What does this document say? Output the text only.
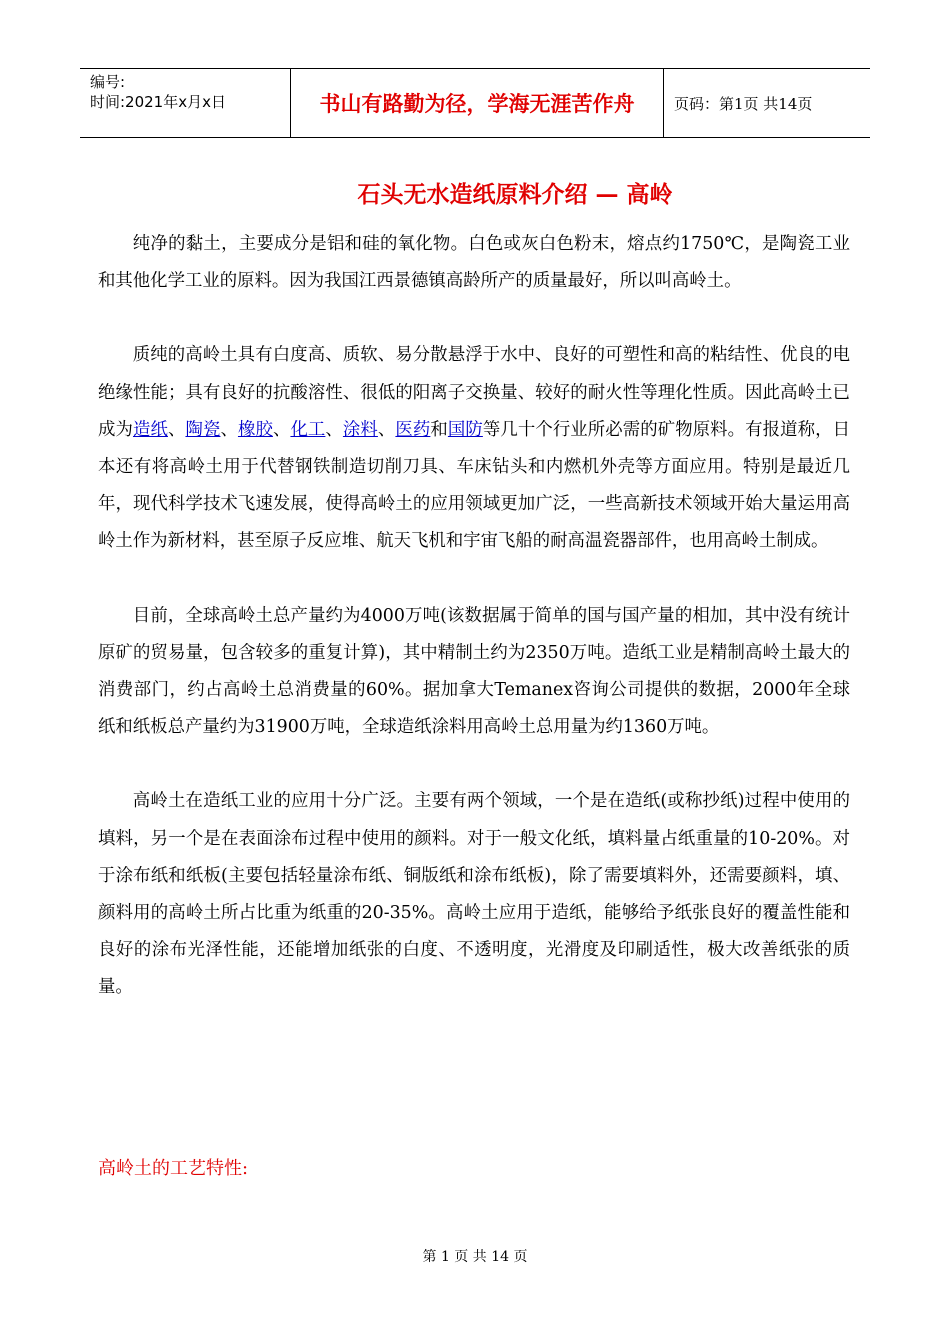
编号:
时间:2021年x月x日	书山有路勤为径，学海无涯苦作舟	页码：第1页 共14页
石头无水造纸原料介绍 — 高岭

纯净的黏土，主要成分是铝和硅的氧化物。白色或灰白色粉末，熔点约1750℃，是陶瓷工业和其他化学工业的原料。因为我国江西景德镇高龄所产的质量最好，所以叫高岭土。

质纯的高岭土具有白度高、质软、易分散悬浮于水中、良好的可塑性和高的粘结性、优良的电绝缘性能；具有良好的抗酸溶性、很低的阳离子交换量、较好的耐火性等理化性质。因此高岭土已成为造纸、陶瓷、橡胶、化工、涂料、医药和国防等几十个行业所必需的矿物原料。有报道称，日本还有将高岭土用于代替钢铁制造切削刀具、车床钻头和内燃机外壳等方面应用。特别是最近几年，现代科学技术飞速发展，使得高岭土的应用领域更加广泛，一些高新技术领域开始大量运用高岭土作为新材料，甚至原子反应堆、航天飞机和宇宙飞船的耐高温瓷器部件，也用高岭土制成。

目前，全球高岭土总产量约为4000万吨(该数据属于简单的国与国产量的相加，其中没有统计原矿的贸易量，包含较多的重复计算)，其中精制土约为2350万吨。造纸工业是精制高岭土最大的消费部门，约占高岭土总消费量的60%。据加拿大Temanex咨询公司提供的数据，2000年全球纸和纸板总产量约为31900万吨，全球造纸涂料用高岭土总用量为约1360万吨。

高岭土在造纸工业的应用十分广泛。主要有两个领域，一个是在造纸(或称抄纸)过程中使用的填料，另一个是在表面涂布过程中使用的颜料。对于一般文化纸，填料量占纸重量的10-20%。对于涂布纸和纸板(主要包括轻量涂布纸、铜版纸和涂布纸板)，除了需要填料外，还需要颜料，填、颜料用的高岭土所占比重为纸重的20-35%。高岭土应用于造纸，能够给予纸张良好的覆盖性能和良好的涂布光泽性能，还能增加纸张的白度、不透明度，光滑度及印刷适性，极大改善纸张的质量。

高岭土的工艺特性:
第 1 页 共 14 页
